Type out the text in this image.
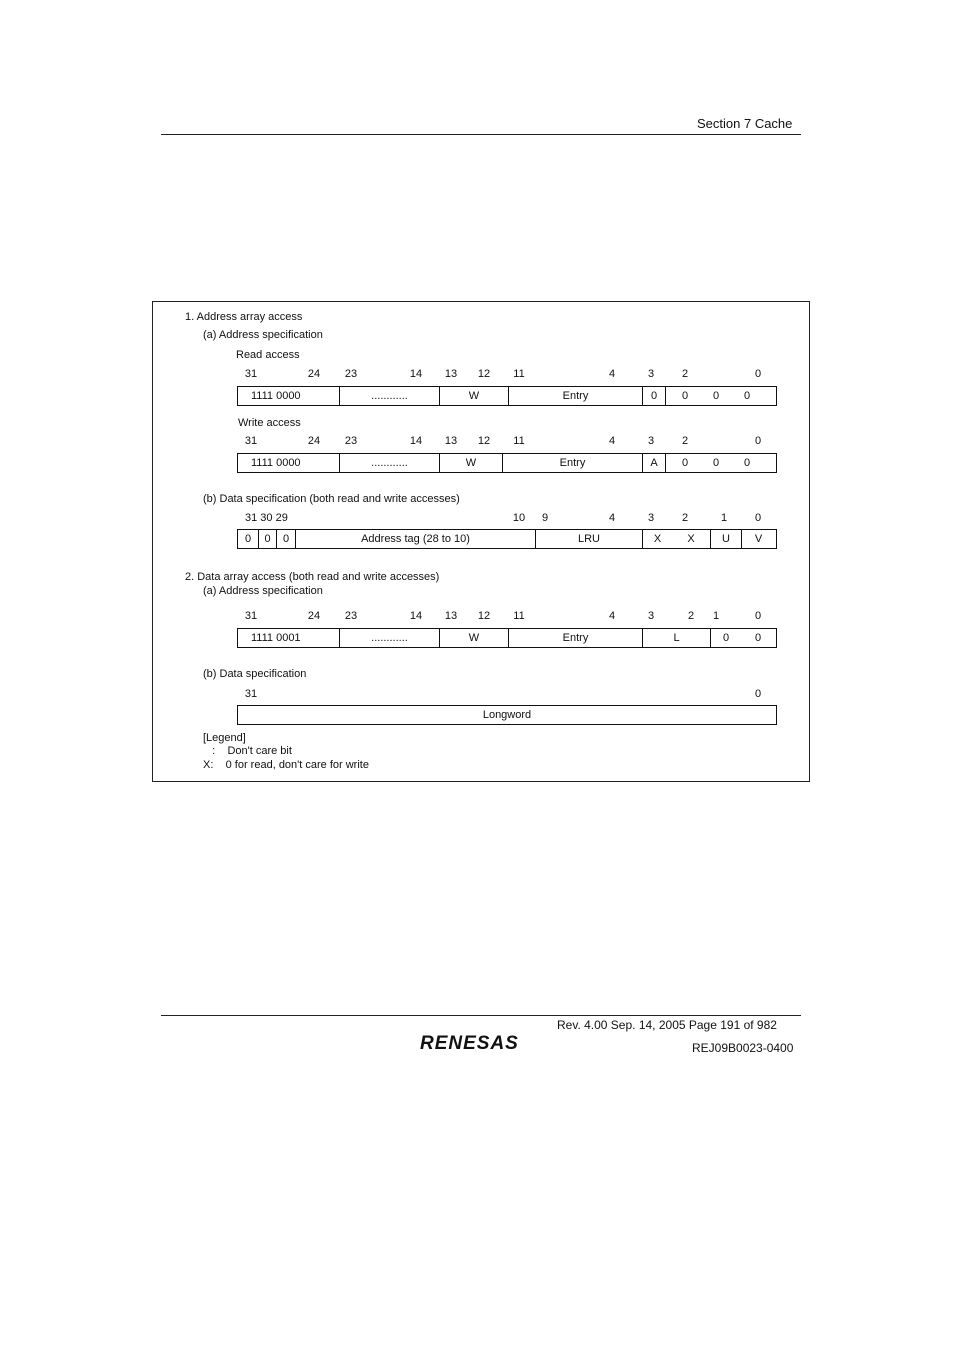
Section 7 Cache
1. Address array access
(a) Address specification
Read access
31	24 23	14 13 12 11	4	3	2	0
1111 0000	............	W	Entry	0	0	0	0
Write access
31	24 23	14 13 12 11	4	3	2	0
1111 0000	............	W	Entry	A	0	0	0
(b) Data specification (both read and write accesses)
31 30 29	10 9	4	3	2	1	0
0	0	0	Address tag (28 to 10)	LRU	X	X	U	V
2. Data array access (both read and write accesses)
(a) Address specification
31	24 23	14 13 12 11	4	3	2 1	0
1111 0001	............	W	Entry	L	0	0
(b) Data specification
31	0
Longword
[Legend]
:    Don't care bit
X:    0 for read, don't care for write
Rev. 4.00 Sep. 14, 2005 Page 191 of 982
REJ09B0023-0400
RENESAS
